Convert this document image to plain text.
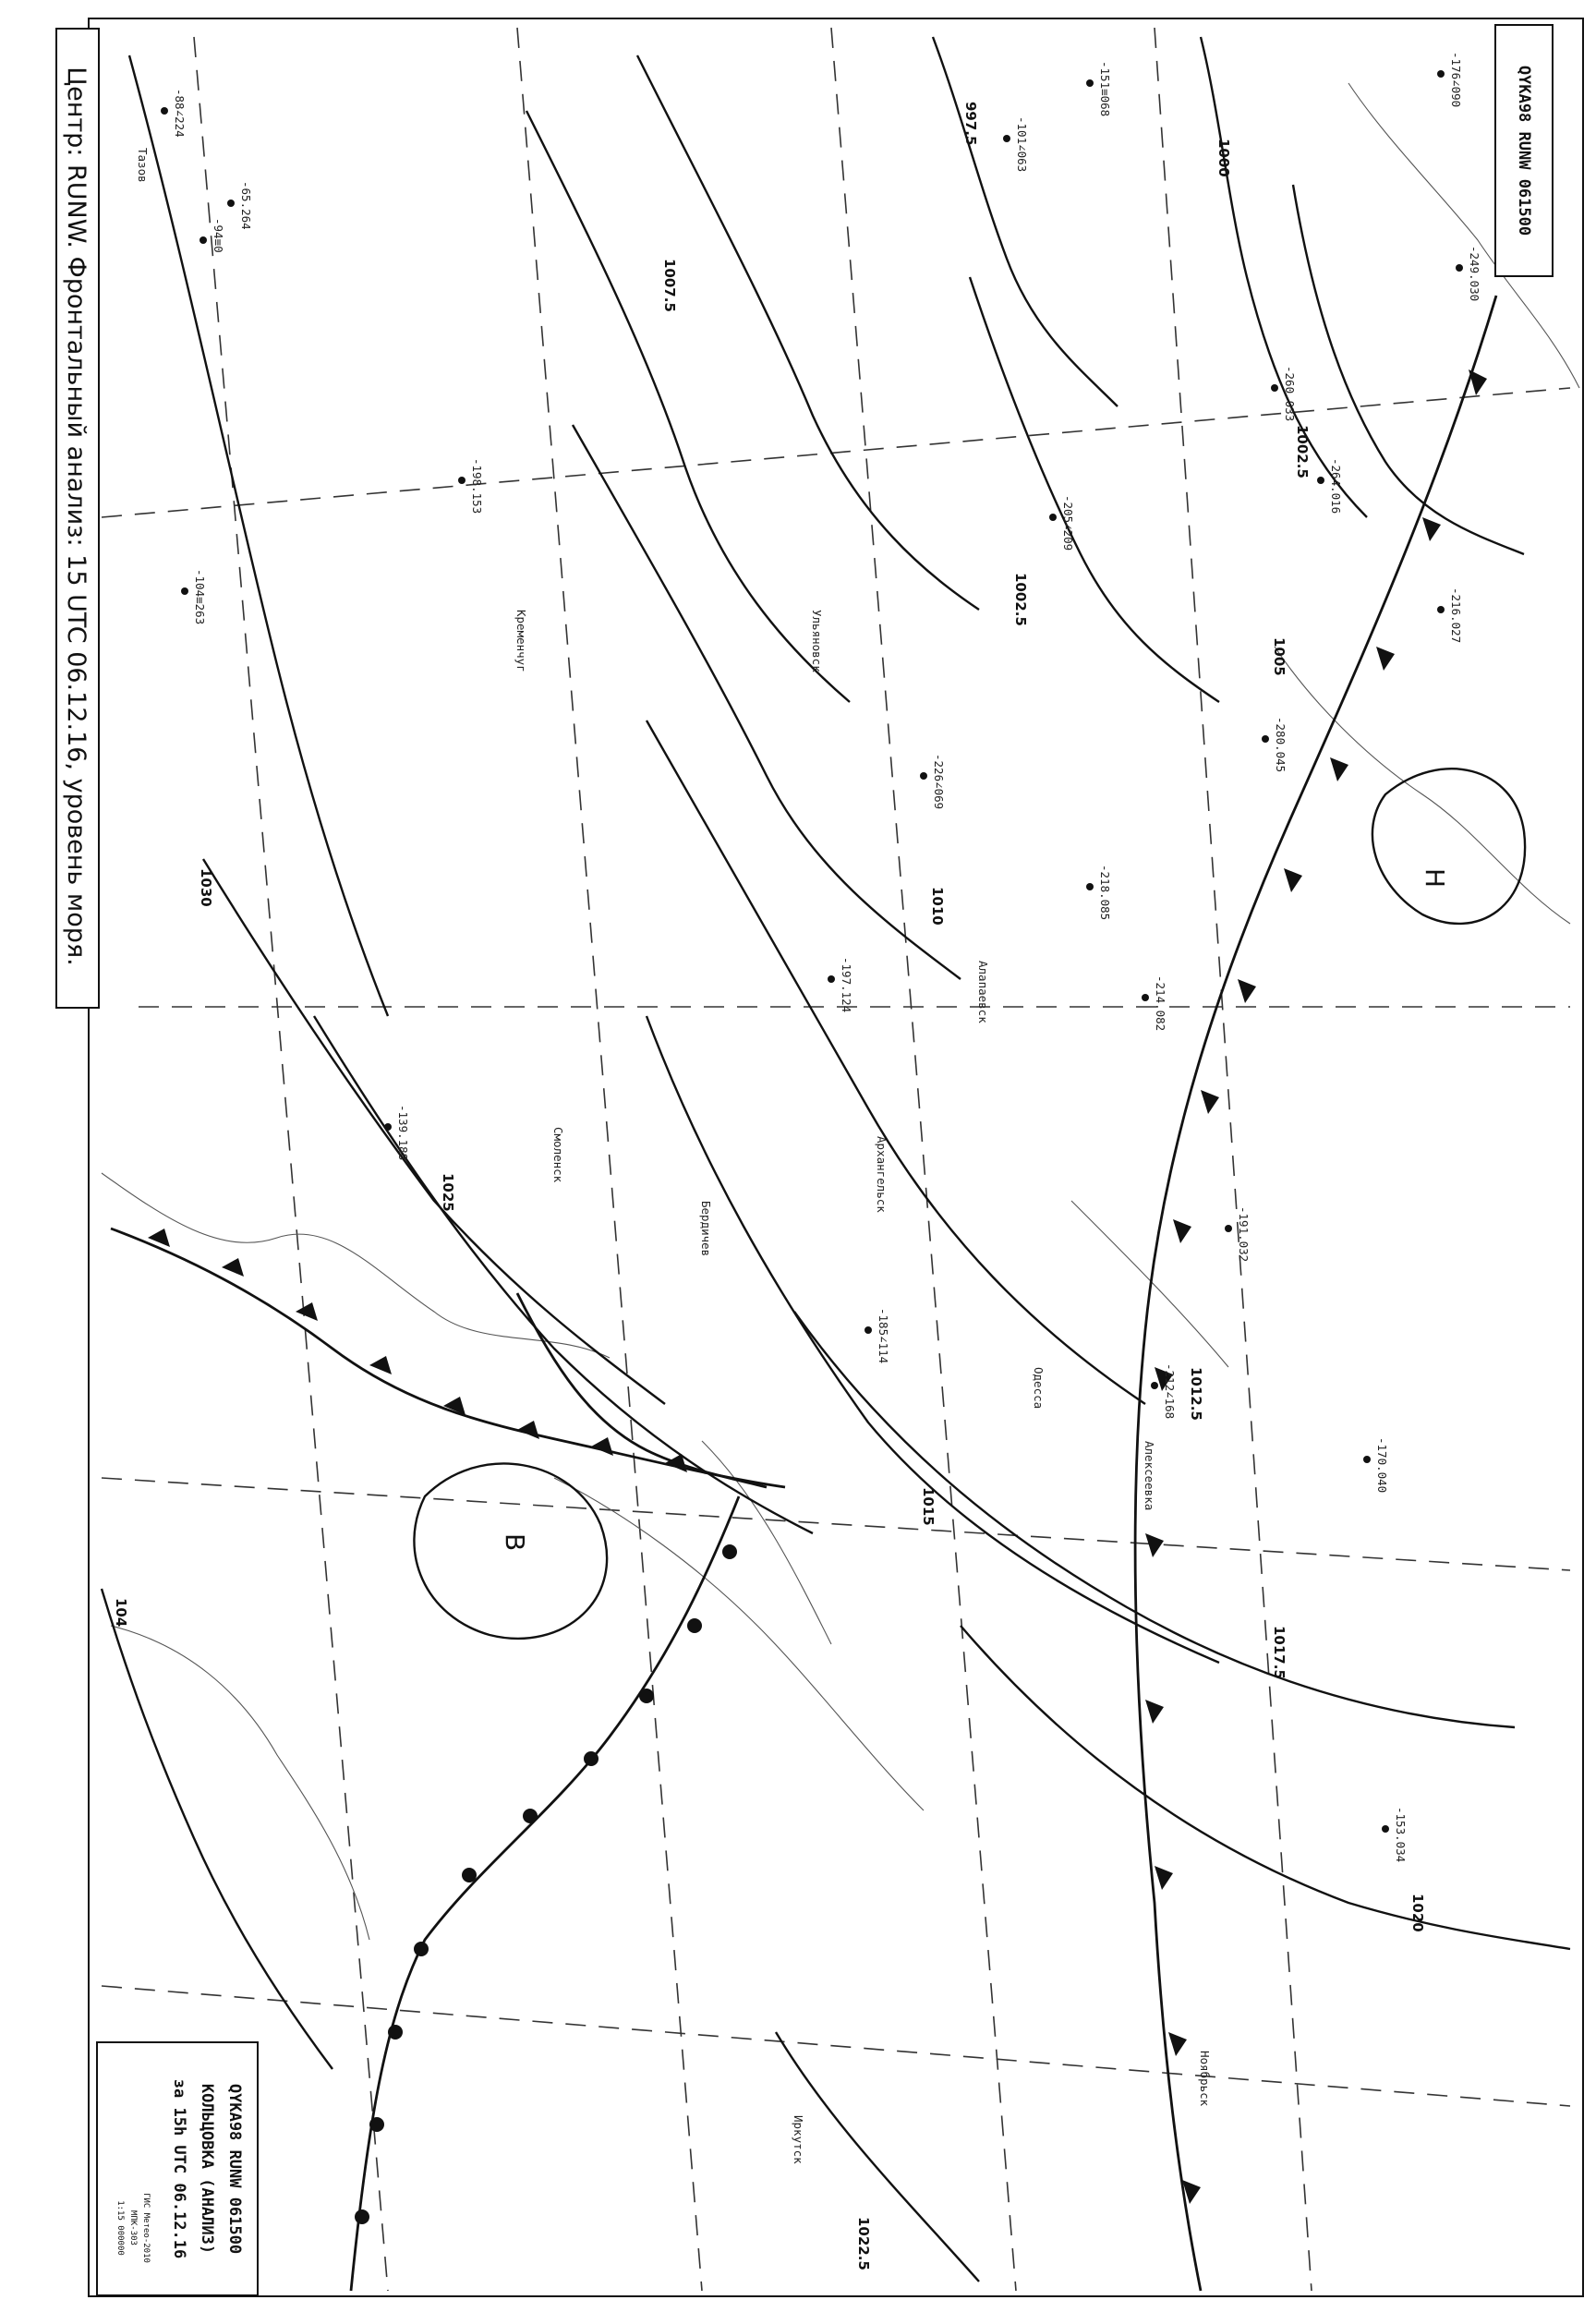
997.5
1000
1002.5
1002.5
1005
1007.5
1010
1012.5
1015
1017.5
1020
1022.5
1025
1030
104
Н
В
Тазов
Ульяновск
Бердичев
Алапаевск
Одесса
Кременчуг
Архангельск
Ноябрьск
Иркутск
Алексеевка
Смоленск
-88∠224
-101∠063
-151≡068	-176∠090
-65.264
-94≡0
-198.153
-205∠209
-226∠069
-260.033
-280.045
-264.016
-185∠114
-214.082
-197.124
-212∠168
-249.030
-218.085
-191.032
-170.040
-153.034
-104≡263
-139.188
-216.027
Центр: RUNW. Фронтальный анализ: 15 UTC 06.12.16, уровень моря.	QYKA98 RUNW 061500
QYKA98 RUNW 061500
КОЛЬЦОВКА (АНАЛИЗ)
за 15h UTC 06.12.16
ГИС Метео-2010
МПК-303
1:15 000000
